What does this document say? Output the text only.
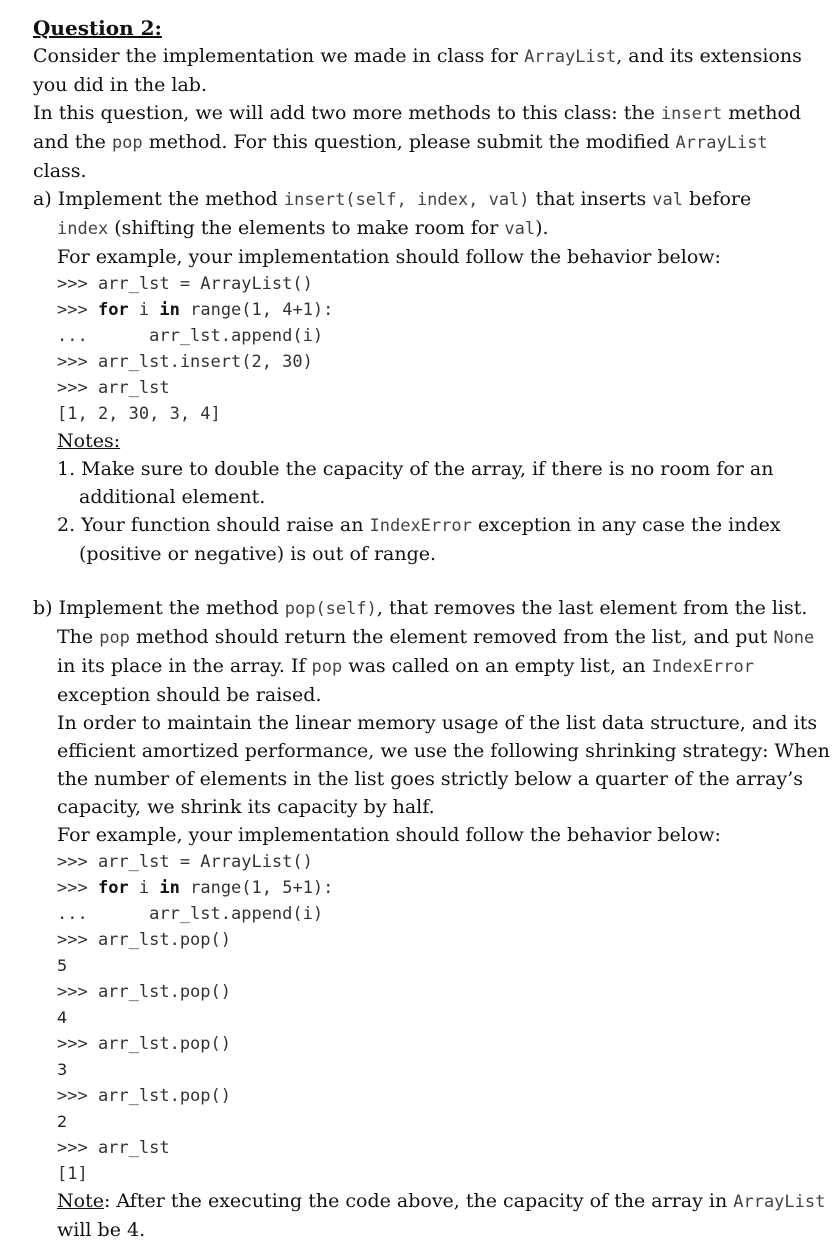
Question 2:
Consider the implementation we made in class for ArrayList, and its extensions
you did in the lab.
In this question, we will add two more methods to this class: the insert method
and the pop method. For this question, please submit the modified ArrayList
class.
a) Implement the method insert(self, index, val) that inserts val before
index (shifting the elements to make room for val).
For example, your implementation should follow the behavior below:
>>> arr_lst = ArrayList()
>>> for i in range(1, 4+1):
...      arr_lst.append(i)
>>> arr_lst.insert(2, 30)
>>> arr_lst
[1, 2, 30, 3, 4]
Notes:
1. Make sure to double the capacity of the array, if there is no room for an
additional element.
2. Your function should raise an IndexError exception in any case the index
(positive or negative) is out of range.
b) Implement the method pop(self), that removes the last element from the list.
The pop method should return the element removed from the list, and put None
in its place in the array. If pop was called on an empty list, an IndexError
exception should be raised.
In order to maintain the linear memory usage of the list data structure, and its
efficient amortized performance, we use the following shrinking strategy: When
the number of elements in the list goes strictly below a quarter of the array’s
capacity, we shrink its capacity by half.
For example, your implementation should follow the behavior below:
>>> arr_lst = ArrayList()
>>> for i in range(1, 5+1):
...      arr_lst.append(i)
>>> arr_lst.pop()
5
>>> arr_lst.pop()
4
>>> arr_lst.pop()
3
>>> arr_lst.pop()
2
>>> arr_lst
[1]
Note: After the executing the code above, the capacity of the array in ArrayList
will be 4.
